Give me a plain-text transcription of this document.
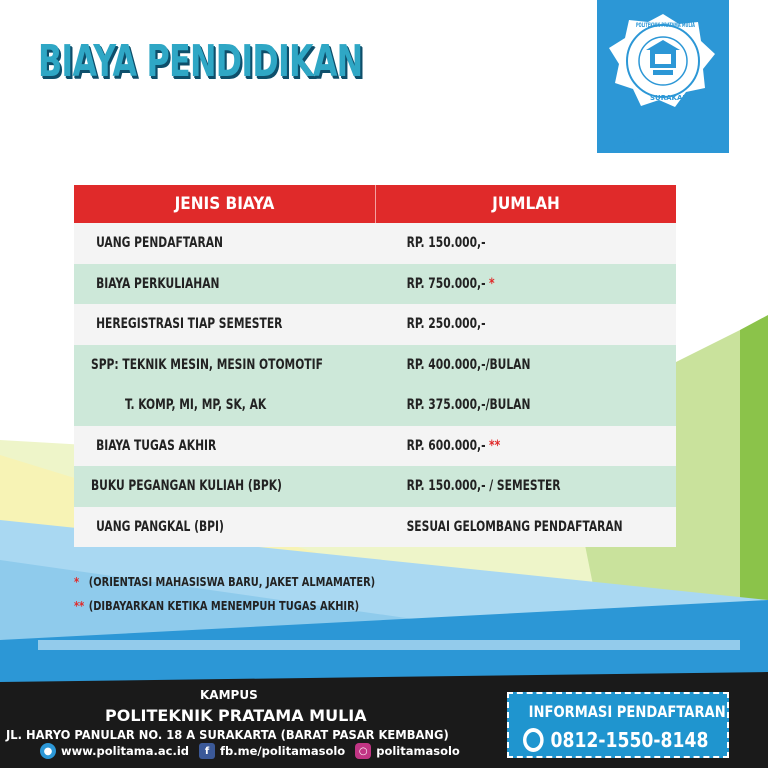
BIAYA PENDIDIKAN
POLITEKNIK PRATAMA MULIA
SURAKARTA
JENIS BIAYA	JUMLAH
UANG PENDAFTARAN	RP. 150.000,-
BIAYA PERKULIAHAN	RP. 750.000,- *
HEREGISTRASI TIAP SEMESTER	RP. 250.000,-
SPP: TEKNIK MESIN, MESIN OTOMOTIF	RP. 400.000,-/BULAN
T. KOMP, MI, MP, SK, AK	RP. 375.000,-/BULAN
BIAYA TUGAS AKHIR	RP. 600.000,- **
BUKU PEGANGAN KULIAH (BPK)	RP. 150.000,- / SEMESTER
UANG PANGKAL (BPI)	SESUAI GELOMBANG PENDAFTARAN
* (ORIENTASI MAHASISWA BARU, JAKET ALMAMATER)
** (DIBAYARKAN KETIKA MENEMPUH TUGAS AKHIR)
KAMPUS
POLITEKNIK PRATAMA MULIA
JL. HARYO PANULAR NO. 18 A SURAKARTA (BARAT PASAR KEMBANG)
● www.politama.ac.id	f fb.me/politamasolo	○ politamasolo
INFORMASI PENDAFTARAN
0812-1550-8148
